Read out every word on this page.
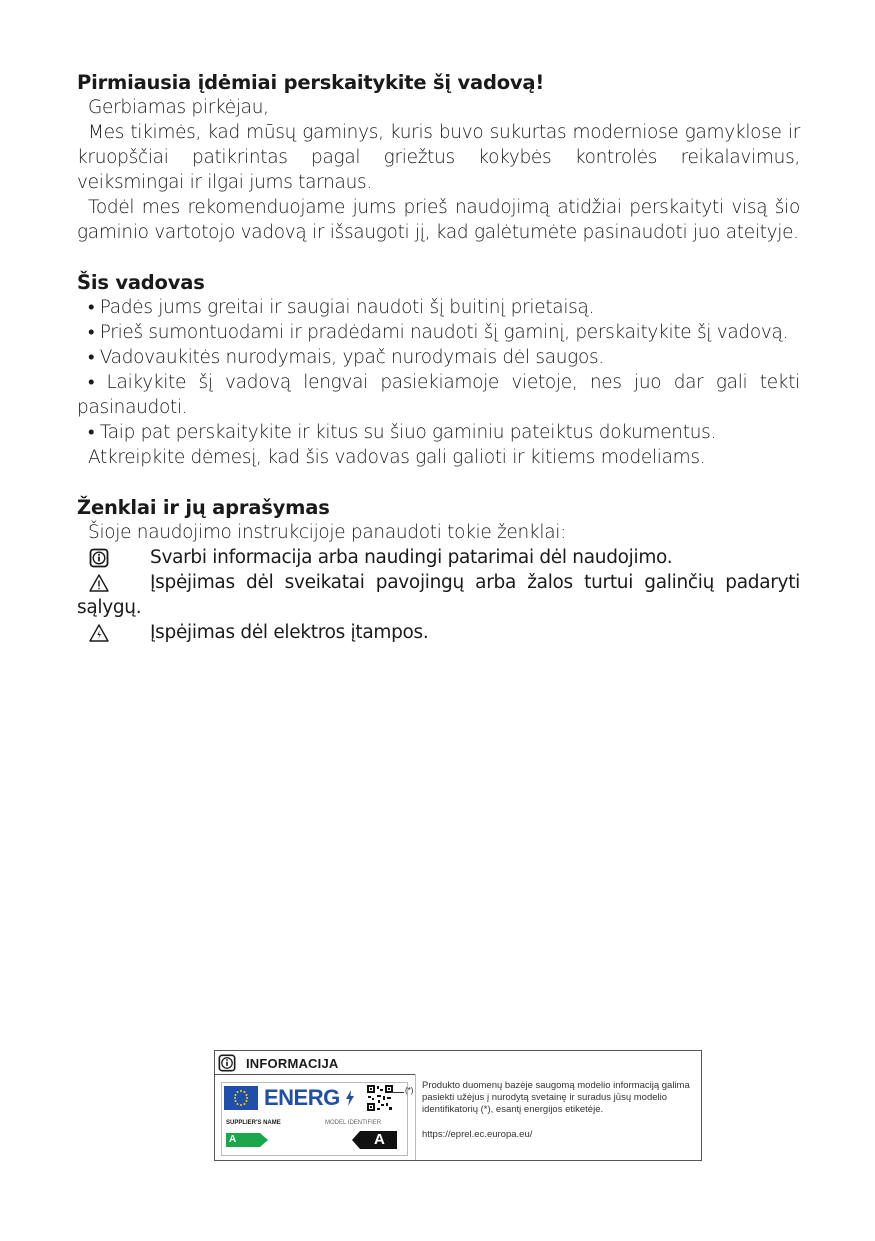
Pirmiausia įdėmiai perskaitykite šį vadovą!

Gerbiamas pirkėjau,

Mes tikimės, kad mūsų gaminys, kuris buvo sukurtas moderniose gamyklose ir kruopščiai patikrintas pagal griežtus kokybės kontrolės reikalavimus, veiksmingai ir ilgai jums tarnaus.

Todėl mes rekomenduojame jums prieš naudojimą atidžiai perskaityti visą šio gaminio vartotojo vadovą ir išsaugoti jį, kad galėtumėte pasinaudoti juo ateityje.

Šis vadovas

• Padės jums greitai ir saugiai naudoti šį buitinį prietaisą.

• Prieš sumontuodami ir pradėdami naudoti šį gaminį, perskaitykite šį vadovą.

• Vadovaukitės nurodymais, ypač nurodymais dėl saugos.

• Laikykite šį vadovą lengvai pasiekiamoje vietoje, nes juo dar gali tekti pasinaudoti.

• Taip pat perskaitykite ir kitus su šiuo gaminiu pateiktus dokumentus.

Atkreipkite dėmesį, kad šis vadovas gali galioti ir kitiems modeliams.

Ženklai ir jų aprašymas

Šioje naudojimo instrukcijoje panaudoti tokie ženklai:

Svarbi informacija arba naudingi patarimai dėl naudojimo.
Įspėjimas dėl sveikatai pavojingų arba žalos turtui galinčių padaryti sąlygų.
Įspėjimas dėl elektros įtampos.
INFORMACIJA
ENERG
SUPPLIER'S NAME	MODEL IDENTIFIER
A	A
(*) Produkto duomenų bazėje saugomą modelio informaciją galima pasiekti užėjus į nurodytą svetainę ir suradus jūsų modelio identifikatorių (*), esantį energijos etiketėje.
https://eprel.ec.europa.eu/
